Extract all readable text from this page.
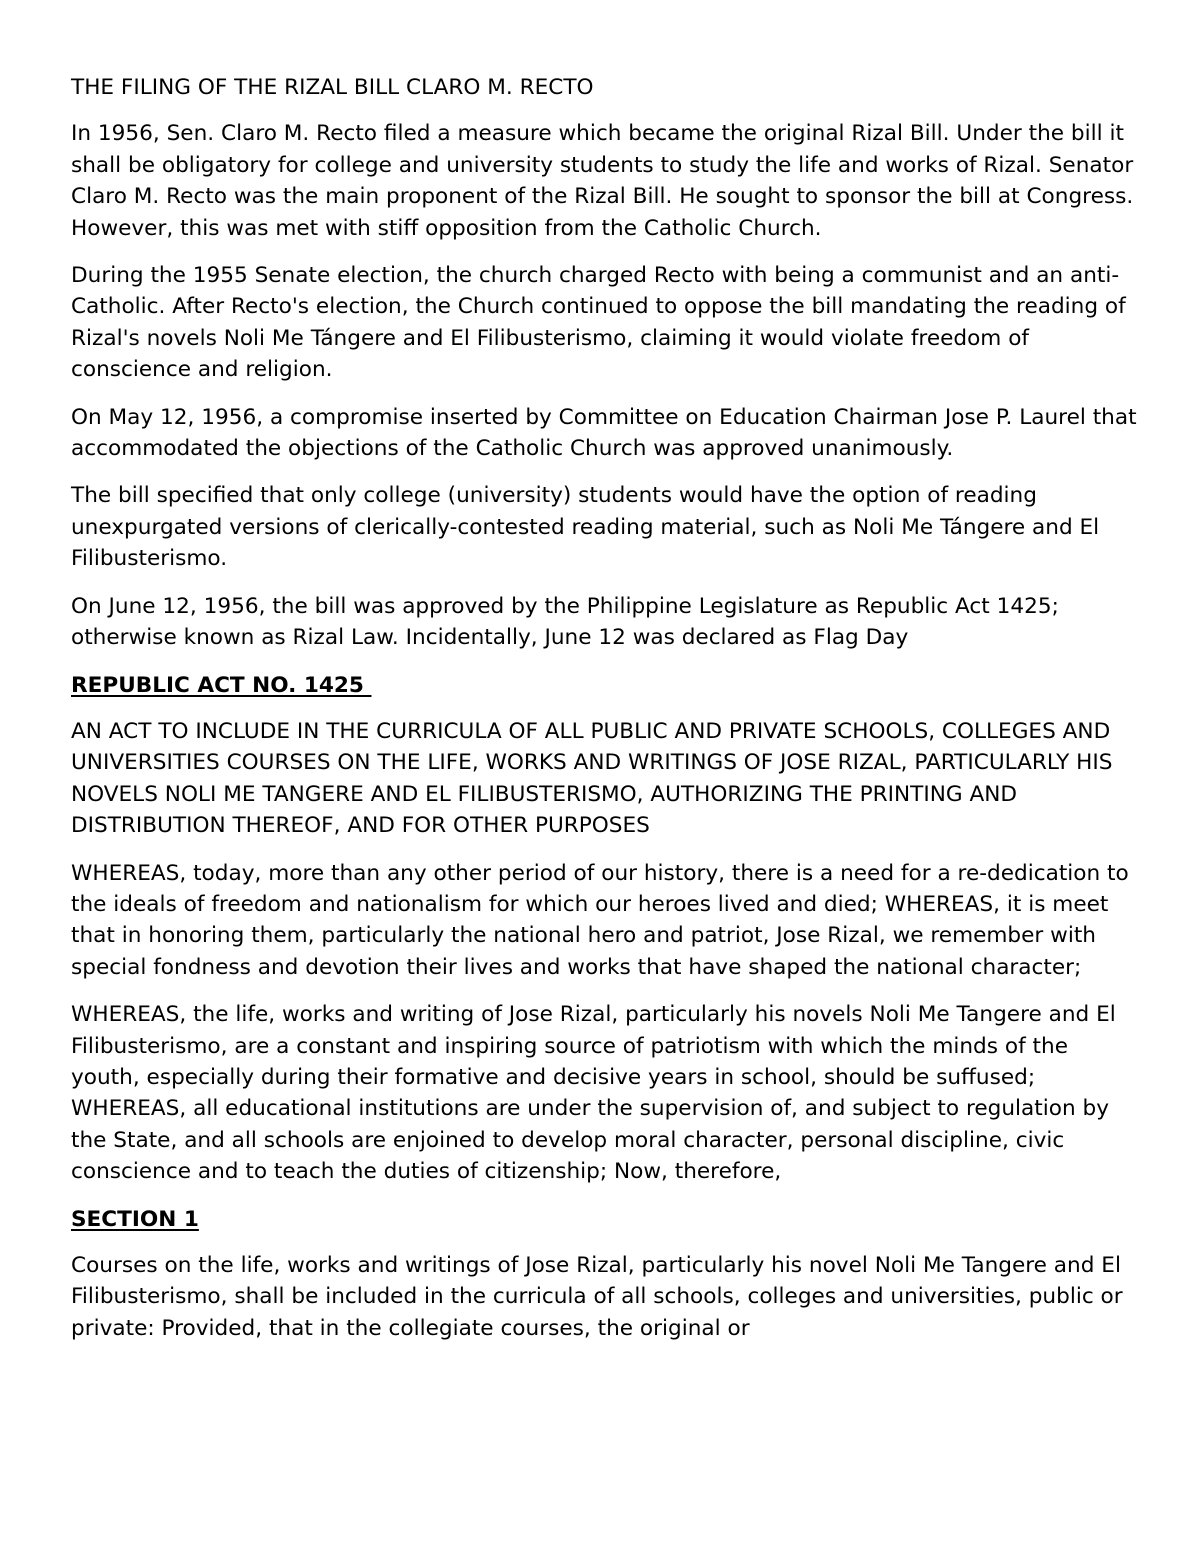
THE FILING OF THE RIZAL BILL CLARO M. RECTO

In 1956, Sen. Claro M. Recto filed a measure which became the original Rizal Bill. Under the bill it shall be obligatory for college and university students to study the life and works of Rizal. Senator Claro M. Recto was the main proponent of the Rizal Bill. He sought to sponsor the bill at Congress. However, this was met with stiff opposition from the Catholic Church.

During the 1955 Senate election, the church charged Recto with being a communist and an anti-Catholic. After Recto's election, the Church continued to oppose the bill mandating the reading of Rizal's novels Noli Me Tángere and El Filibusterismo, claiming it would violate freedom of conscience and religion.

On May 12, 1956, a compromise inserted by Committee on Education Chairman Jose P. Laurel that accommodated the objections of the Catholic Church was approved unanimously.

The bill specified that only college (university) students would have the option of reading unexpurgated versions of clerically-contested reading material, such as Noli Me Tángere and El Filibusterismo.

On June 12, 1956, the bill was approved by the Philippine Legislature as Republic Act 1425; otherwise known as Rizal Law. Incidentally, June 12 was declared as Flag Day

REPUBLIC ACT NO. 1425

AN ACT TO INCLUDE IN THE CURRICULA OF ALL PUBLIC AND PRIVATE SCHOOLS, COLLEGES AND UNIVERSITIES COURSES ON THE LIFE, WORKS AND WRITINGS OF JOSE RIZAL, PARTICULARLY HIS NOVELS NOLI ME TANGERE AND EL FILIBUSTERISMO, AUTHORIZING THE PRINTING AND DISTRIBUTION THEREOF, AND FOR OTHER PURPOSES

WHEREAS, today, more than any other period of our history, there is a need for a re-dedication to the ideals of freedom and nationalism for which our heroes lived and died; WHEREAS, it is meet that in honoring them, particularly the national hero and patriot, Jose Rizal, we remember with special fondness and devotion their lives and works that have shaped the national character;

WHEREAS, the life, works and writing of Jose Rizal, particularly his novels Noli Me Tangere and El Filibusterismo, are a constant and inspiring source of patriotism with which the minds of the youth, especially during their formative and decisive years in school, should be suffused; WHEREAS, all educational institutions are under the supervision of, and subject to regulation by the State, and all schools are enjoined to develop moral character, personal discipline, civic conscience and to teach the duties of citizenship; Now, therefore,

SECTION 1

Courses on the life, works and writings of Jose Rizal, particularly his novel Noli Me Tangere and El Filibusterismo, shall be included in the curricula of all schools, colleges and universities, public or private: Provided, that in the collegiate courses, the original or
